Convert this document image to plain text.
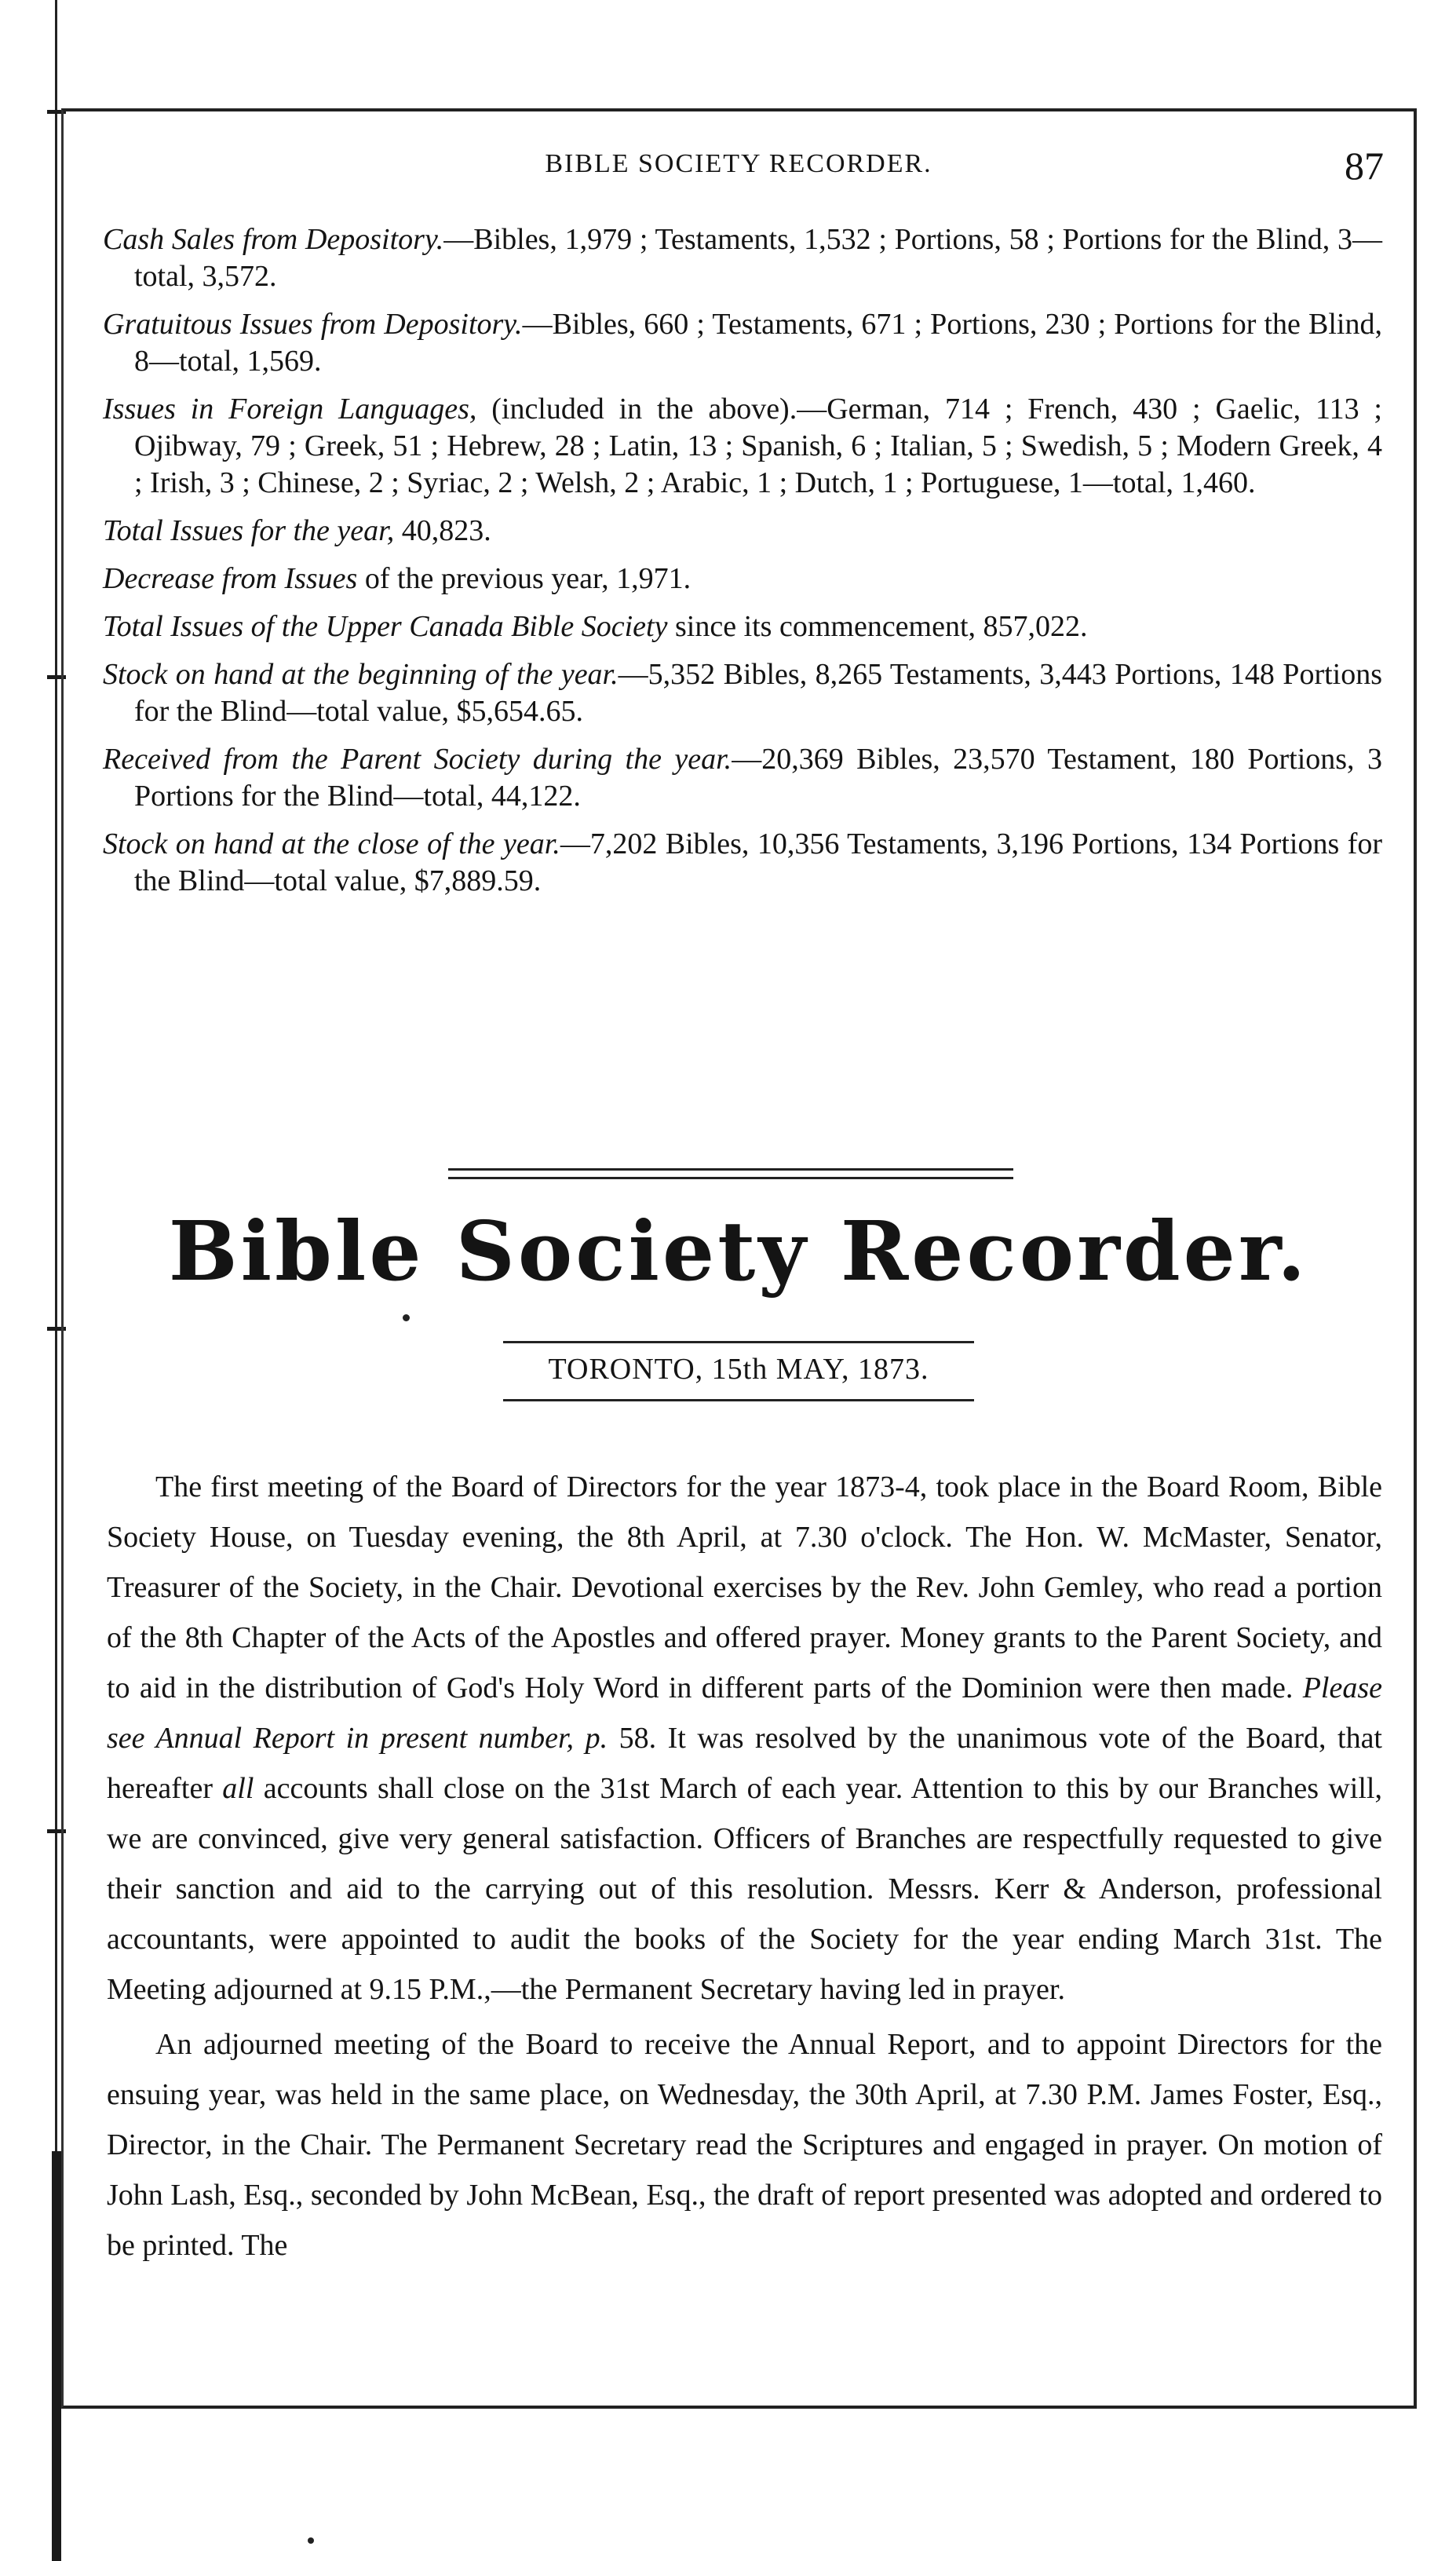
BIBLE SOCIETY RECORDER.	87

Cash Sales from Depository.—Bibles, 1,979 ; Testaments, 1,532 ; Portions, 58 ; Portions for the Blind, 3—total, 3,572.

Gratuitous Issues from Depository.—Bibles, 660 ; Testaments, 671 ; Portions, 230 ; Portions for the Blind, 8—total, 1,569.

Issues in Foreign Languages, (included in the above).—German, 714 ; French, 430 ; Gaelic, 113 ; Ojibway, 79 ; Greek, 51 ; Hebrew, 28 ; Latin, 13 ; Spanish, 6 ; Italian, 5 ; Swedish, 5 ; Modern Greek, 4 ; Irish, 3 ; Chinese, 2 ; Syriac, 2 ; Welsh, 2 ; Arabic, 1 ; Dutch, 1 ; Portuguese, 1—total, 1,460.

Total Issues for the year, 40,823.

Decrease from Issues of the previous year, 1,971.

Total Issues of the Upper Canada Bible Society since its commencement, 857,022.

Stock on hand at the beginning of the year.—5,352 Bibles, 8,265 Testaments, 3,443 Portions, 148 Portions for the Blind—total value, $5,654.65.

Received from the Parent Society during the year.—20,369 Bibles, 23,570 Testament, 180 Portions, 3 Portions for the Blind—total, 44,122.

Stock on hand at the close of the year.—7,202 Bibles, 10,356 Testaments, 3,196 Portions, 134 Portions for the Blind—total value, $7,889.59.

Bible Society Recorder.
TORONTO, 15th MAY, 1873.

The first meeting of the Board of Directors for the year 1873-4, took place in the Board Room, Bible Society House, on Tuesday evening, the 8th April, at 7.30 o'clock. The Hon. W. McMaster, Senator, Treasurer of the Society, in the Chair. Devotional exercises by the Rev. John Gemley, who read a portion of the 8th Chapter of the Acts of the Apostles and offered prayer. Money grants to the Parent Society, and to aid in the distribution of God's Holy Word in different parts of the Dominion were then made. Please see Annual Report in present number, p. 58. It was resolved by the unanimous vote of the Board, that hereafter all accounts shall close on the 31st March of each year. Attention to this by our Branches will, we are convinced, give very general satisfaction. Officers of Branches are respectfully requested to give their sanction and aid to the carrying out of this resolution. Messrs. Kerr & Anderson, professional accountants, were appointed to audit the books of the Society for the year ending March 31st. The Meeting adjourned at 9.15 P.M.,—the Permanent Secretary having led in prayer.

An adjourned meeting of the Board to receive the Annual Report, and to appoint Directors for the ensuing year, was held in the same place, on Wednesday, the 30th April, at 7.30 P.M. James Foster, Esq., Director, in the Chair. The Permanent Secretary read the Scriptures and engaged in prayer. On motion of John Lash, Esq., seconded by John McBean, Esq., the draft of report presented was adopted and ordered to be printed. The
